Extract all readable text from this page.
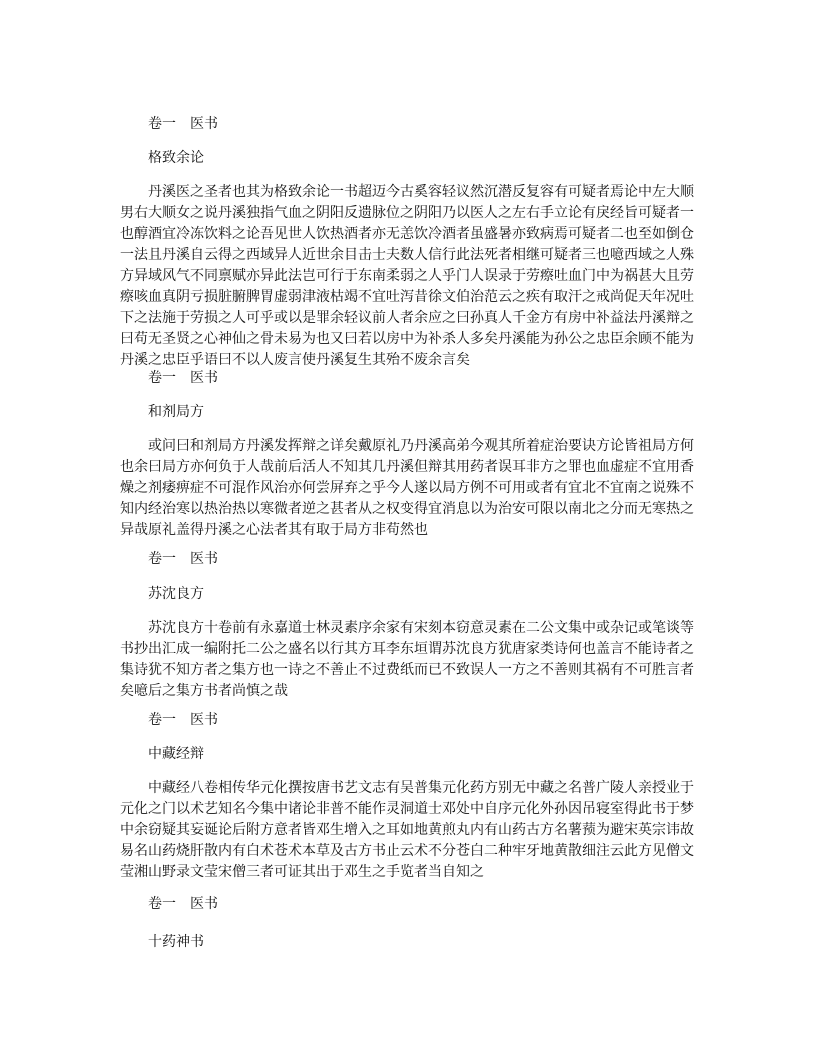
卷一　医书
格致余论
丹溪医之圣者也其为格致余论一书超迈今古奚容轻议然沉潜反复容有可疑者焉论中左大顺
男右大顺女之说丹溪独指气血之阴阳反遗脉位之阴阳乃以医人之左右手立论有戾经旨可疑者一
也醇酒宜冷冻饮料之论吾见世人饮热酒者亦无恙饮冷酒者虽盛暑亦致病焉可疑者二也至如倒仓
一法且丹溪自云得之西域异人近世余目击士夫数人信行此法死者相继可疑者三也噫西域之人殊
方异域风气不同禀赋亦异此法岂可行于东南柔弱之人乎门人误录于劳瘵吐血门中为祸甚大且劳
瘵咳血真阴亏损脏腑脾胃虚弱津液枯竭不宜吐泻昔徐文伯治范云之疾有取汗之戒尚促天年况吐
下之法施于劳损之人可乎或以是罪余轻议前人者余应之曰孙真人千金方有房中补益法丹溪辩之
曰苟无圣贤之心神仙之骨未易为也又曰若以房中为补杀人多矣丹溪能为孙公之忠臣余顾不能为
丹溪之忠臣乎语曰不以人废言使丹溪复生其殆不废余言矣
卷一　医书
和剂局方
或问曰和剂局方丹溪发挥辩之详矣戴原礼乃丹溪高弟今观其所着症治要诀方论皆祖局方何
也余曰局方亦何负于人哉前后活人不知其几丹溪但辩其用药者误耳非方之罪也血虚症不宜用香
燥之剂痿痹症不可混作风治亦何尝屏弃之乎今人遂以局方例不可用或者有宜北不宜南之说殊不
知内经治寒以热治热以寒微者逆之甚者从之权变得宜消息以为治安可限以南北之分而无寒热之
异哉原礼盖得丹溪之心法者其有取于局方非苟然也
卷一　医书
苏沈良方
苏沈良方十卷前有永嘉道士林灵素序余家有宋刻本窃意灵素在二公文集中或杂记或笔谈等
书抄出汇成一编附托二公之盛名以行其方耳李东垣谓苏沈良方犹唐家类诗何也盖言不能诗者之
集诗犹不知方者之集方也一诗之不善止不过费纸而已不致误人一方之不善则其祸有不可胜言者
矣噫后之集方书者尚慎之哉
卷一　医书
中藏经辩
中藏经八卷相传华元化撰按唐书艺文志有吴普集元化药方别无中藏之名普广陵人亲授业于
元化之门以术艺知名今集中诸论非普不能作灵洞道士邓处中自序元化外孙因吊寝室得此书于梦
中余窃疑其妄诞论后附方意者皆邓生增入之耳如地黄煎丸内有山药古方名薯蓣为避宋英宗讳故
易名山药烧肝散内有白术苍术本草及古方书止云术不分苍白二种牢牙地黄散细注云此方见僧文
莹湘山野录文莹宋僧三者可证其出于邓生之手览者当自知之
卷一　医书
十药神书
